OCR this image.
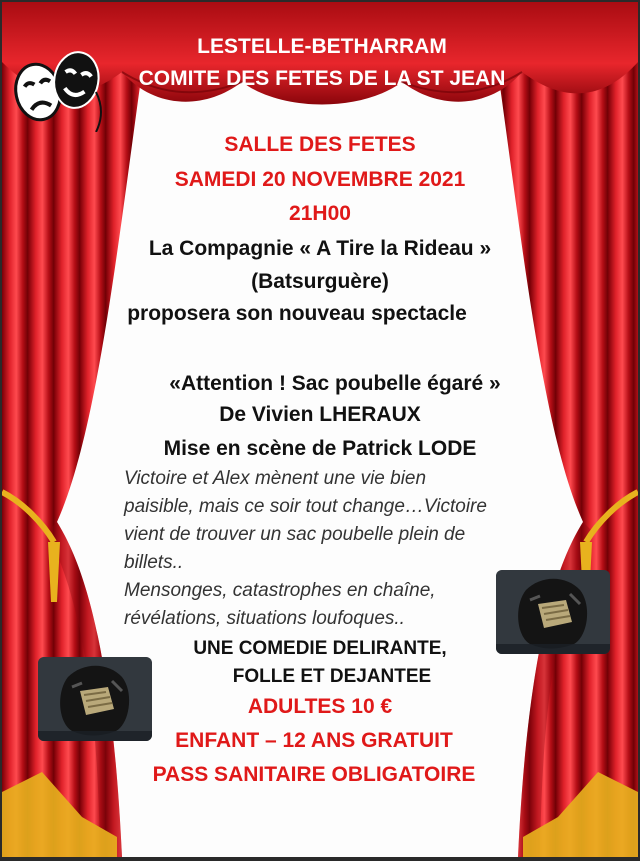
LESTELLE-BETHARRAM
COMITE DES FETES DE LA ST JEAN
SALLE DES FETES
SAMEDI 20 NOVEMBRE 2021
21H00
La Compagnie « A Tire la Rideau »
(Batsurguère)
proposera son nouveau spectacle
«Attention ! Sac poubelle égaré »
De Vivien LHERAUX
Mise en scène de Patrick LODE
Victoire et Alex mènent une vie bien
paisible, mais ce soir tout change…Victoire
vient de trouver un sac poubelle plein de
billets..
Mensonges, catastrophes en chaîne,
révélations, situations loufoques..
UNE COMEDIE DELIRANTE,
FOLLE ET DEJANTEE
ADULTES 10 €
ENFANT – 12 ANS GRATUIT
PASS SANITAIRE OBLIGATOIRE
